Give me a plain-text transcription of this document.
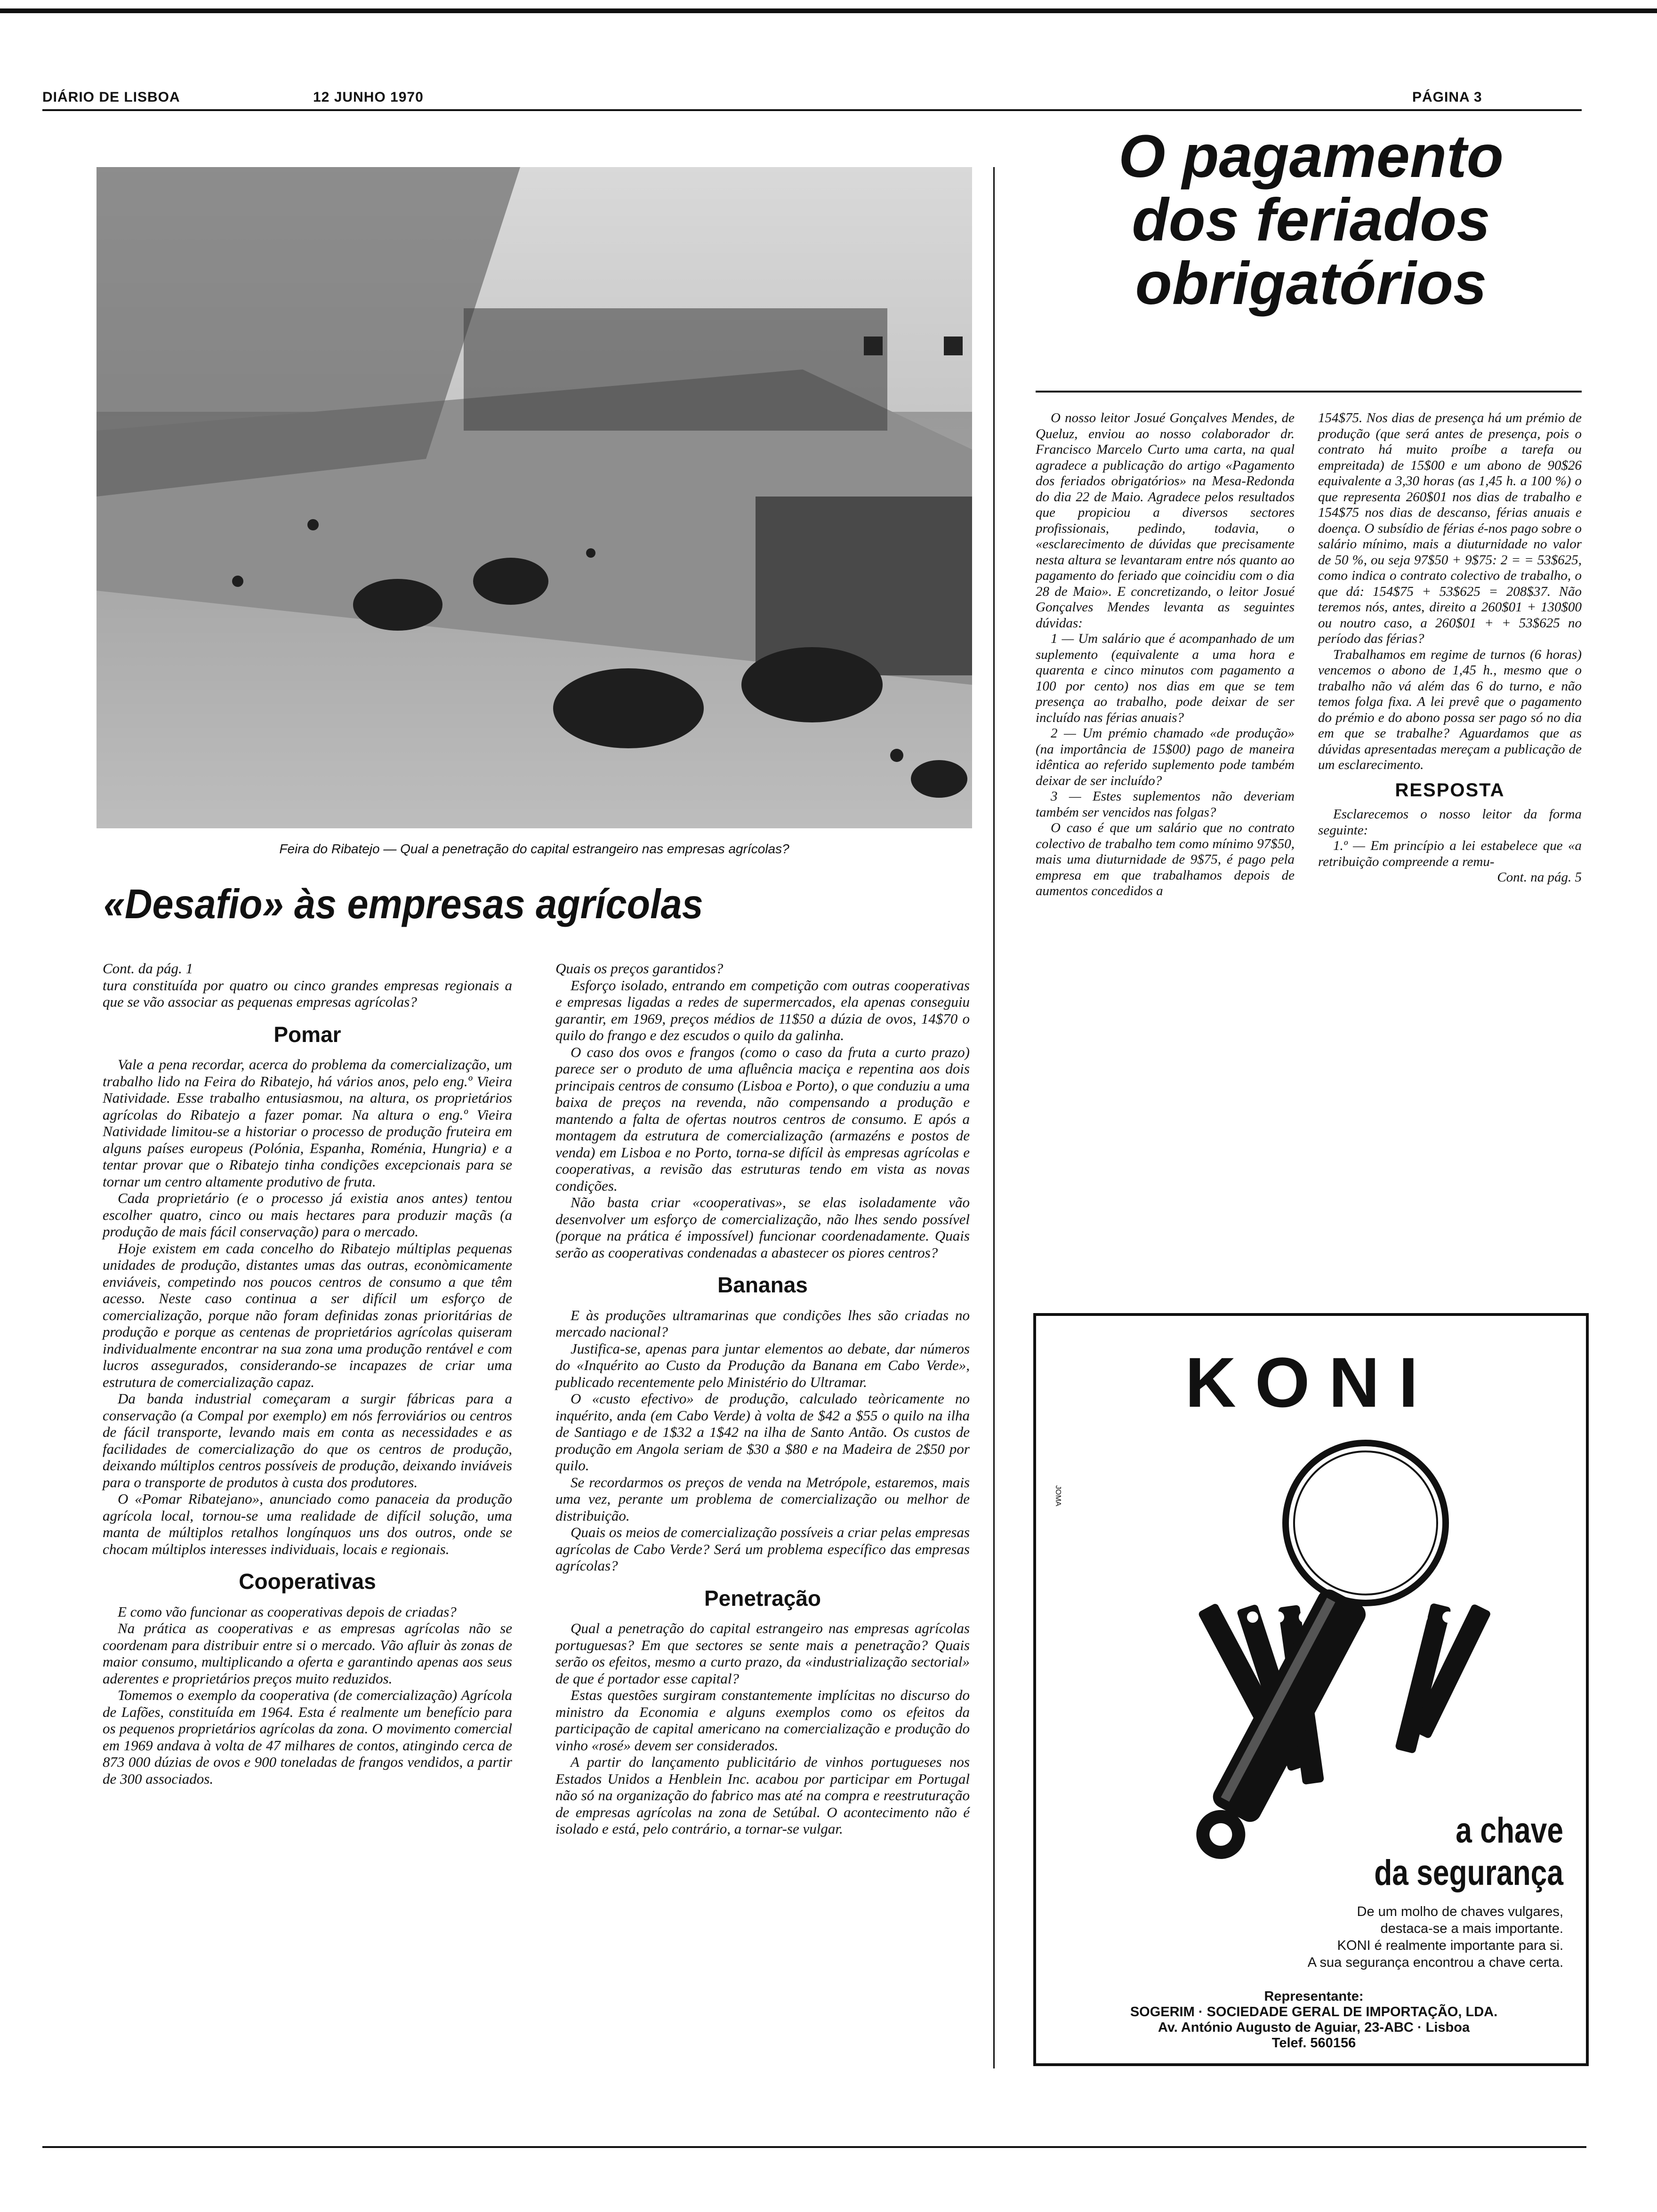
DIÁRIO DE LISBOA	12 JUNHO 1970	PÁGINA 3
Feira do Ribatejo — Qual a penetração do capital estrangeiro nas empresas agrícolas?
«Desafio» às empresas agrícolas

Cont. da pág. 1

tura constituída por quatro ou cinco grandes empresas regionais a que se vão associar as pequenas empresas agrícolas?

Pomar

Vale a pena recordar, acerca do problema da comercialização, um trabalho lido na Feira do Ribatejo, há vários anos, pelo eng.º Vieira Natividade. Esse trabalho entusiasmou, na altura, os proprietários agrícolas do Ribatejo a fazer pomar. Na altura o eng.º Vieira Natividade limitou-se a historiar o processo de produção fruteira em alguns países europeus (Polónia, Espanha, Roménia, Hungria) e a tentar provar que o Ribatejo tinha condições excepcionais para se tornar um centro altamente produtivo de fruta.

Cada proprietário (e o processo já existia anos antes) tentou escolher quatro, cinco ou mais hectares para produzir maçãs (a produção de mais fácil conservação) para o mercado.

Hoje existem em cada concelho do Ribatejo múltiplas pequenas unidades de produção, distantes umas das outras, econòmicamente enviáveis, competindo nos poucos centros de consumo a que têm acesso. Neste caso continua a ser difícil um esforço de comercialização, porque não foram definidas zonas prioritárias de produção e porque as centenas de proprietários agrícolas quiseram individualmente encontrar na sua zona uma produção rentável e com lucros assegurados, considerando-se incapazes de criar uma estrutura de comercialização capaz.

Da banda industrial começaram a surgir fábricas para a conservação (a Compal por exemplo) em nós ferroviários ou centros de fácil transporte, levando mais em conta as necessidades e as facilidades de comercialização do que os centros de produção, deixando múltiplos centros possíveis de produção, deixando inviáveis para o transporte de produtos à custa dos produtores.

O «Pomar Ribatejano», anunciado como panaceia da produção agrícola local, tornou-se uma realidade de difícil solução, uma manta de múltiplos retalhos longínquos uns dos outros, onde se chocam múltiplos interesses individuais, locais e regionais.

Cooperativas

E como vão funcionar as cooperativas depois de criadas?

Na prática as cooperativas e as empresas agrícolas não se coordenam para distribuir entre si o mercado. Vão afluir às zonas de maior consumo, multiplicando a oferta e garantindo apenas aos seus aderentes e proprietários preços muito reduzidos.

Tomemos o exemplo da cooperativa (de comercialização) Agrícola de Lafões, constituída em 1964. Esta é realmente um benefício para os pequenos proprietários agrícolas da zona. O movimento comercial em 1969 andava à volta de 47 milhares de contos, atingindo cerca de 873 000 dúzias de ovos e 900 toneladas de frangos vendidos, a partir de 300 associados.

Quais os preços garantidos?

Esforço isolado, entrando em competição com outras cooperativas e empresas ligadas a redes de supermercados, ela apenas conseguiu garantir, em 1969, preços médios de 11$50 a dúzia de ovos, 14$70 o quilo do frango e dez escudos o quilo da galinha.

O caso dos ovos e frangos (como o caso da fruta a curto prazo) parece ser o produto de uma afluência maciça e repentina aos dois principais centros de consumo (Lisboa e Porto), o que conduziu a uma baixa de preços na revenda, não compensando a produção e mantendo a falta de ofertas noutros centros de consumo. E após a montagem da estrutura de comercialização (armazéns e postos de venda) em Lisboa e no Porto, torna-se difícil às empresas agrícolas e cooperativas, a revisão das estruturas tendo em vista as novas condições.

Não basta criar «cooperativas», se elas isoladamente vão desenvolver um esforço de comercialização, não lhes sendo possível (porque na prática é impossível) funcionar coordenadamente. Quais serão as cooperativas condenadas a abastecer os piores centros?

Bananas

E às produções ultramarinas que condições lhes são criadas no mercado nacional?

Justifica-se, apenas para juntar elementos ao debate, dar números do «Inquérito ao Custo da Produção da Banana em Cabo Verde», publicado recentemente pelo Ministério do Ultramar.

O «custo efectivo» de produção, calculado teòricamente no inquérito, anda (em Cabo Verde) à volta de $42 a $55 o quilo na ilha de Santiago e de 1$32 a 1$42 na ilha de Santo Antão. Os custos de produção em Angola seriam de $30 a $80 e na Madeira de 2$50 por quilo.

Se recordarmos os preços de venda na Metrópole, estaremos, mais uma vez, perante um problema de comercialização ou melhor de distribuição.

Quais os meios de comercialização possíveis a criar pelas empresas agrícolas de Cabo Verde? Será um problema específico das empresas agrícolas?

Penetração

Qual a penetração do capital estrangeiro nas empresas agrícolas portuguesas? Em que sectores se sente mais a penetração? Quais serão os efeitos, mesmo a curto prazo, da «industrialização sectorial» de que é portador esse capital?

Estas questões surgiram constantemente implícitas no discurso do ministro da Economia e alguns exemplos como os efeitos da participação de capital americano na comercialização e produção do vinho «rosé» devem ser considerados.

A partir do lançamento publicitário de vinhos portugueses nos Estados Unidos a Henblein Inc. acabou por participar em Portugal não só na organização do fabrico mas até na compra e reestruturação de empresas agrícolas na zona de Setúbal. O acontecimento não é isolado e está, pelo contrário, a tornar-se vulgar.

O pagamento
dos feriados
obrigatórios

O nosso leitor Josué Gonçalves Mendes, de Queluz, enviou ao nosso colaborador dr. Francisco Marcelo Curto uma carta, na qual agradece a publicação do artigo «Pagamento dos feriados obrigatórios» na Mesa-Redonda do dia 22 de Maio. Agradece pelos resultados que propiciou a diversos sectores profissionais, pedindo, todavia, o «esclarecimento de dúvidas que precisamente nesta altura se levantaram entre nós quanto ao pagamento do feriado que coincidiu com o dia 28 de Maio». E concretizando, o leitor Josué Gonçalves Mendes levanta as seguintes dúvidas:

1 — Um salário que é acompanhado de um suplemento (equivalente a uma hora e quarenta e cinco minutos com pagamento a 100 por cento) nos dias em que se tem presença ao trabalho, pode deixar de ser incluído nas férias anuais?

2 — Um prémio chamado «de produção» (na importância de 15$00) pago de maneira idêntica ao referido suplemento pode também deixar de ser incluído?

3 — Estes suplementos não deveriam também ser vencidos nas folgas?

O caso é que um salário que no contrato colectivo de trabalho tem como mínimo 97$50, mais uma diuturnidade de 9$75, é pago pela empresa em que trabalhamos depois de aumentos concedidos a

154$75. Nos dias de presença há um prémio de produção (que será antes de presença, pois o contrato há muito proíbe a tarefa ou empreitada) de 15$00 e um abono de 90$26 equivalente a 3,30 horas (as 1,45 h. a 100 %) o que representa 260$01 nos dias de trabalho e 154$75 nos dias de descanso, férias anuais e doença. O subsídio de férias é-nos pago sobre o salário mínimo, mais a diuturnidade no valor de 50 %, ou seja 97$50 + 9$75: 2 = = 53$625, como indica o contrato colectivo de trabalho, o que dá: 154$75 + 53$625 = 208$37. Não teremos nós, antes, direito a 260$01 + 130$00 ou noutro caso, a 260$01 + + 53$625 no período das férias?

Trabalhamos em regime de turnos (6 horas) vencemos o abono de 1,45 h., mesmo que o trabalho não vá além das 6 do turno, e não temos folga fixa. A lei prevê que o pagamento do prémio e do abono possa ser pago só no dia em que se trabalhe? Aguardamos que as dúvidas apresentadas mereçam a publicação de um esclarecimento.

RESPOSTA

Esclarecemos o nosso leitor da forma seguinte:

1.º — Em princípio a lei estabelece que «a retribuição compreende a remu-

Cont. na pág. 5

KONI
JOMA
a chave
da segurança
De um molho de chaves vulgares,
destaca-se a mais importante.
KONI é realmente importante para si.
A sua segurança encontrou a chave certa.
Representante:
SOGERIM · SOCIEDADE GERAL DE IMPORTAÇÃO, LDA.
Av. António Augusto de Aguiar, 23-ABC · Lisboa
Telef. 560156
